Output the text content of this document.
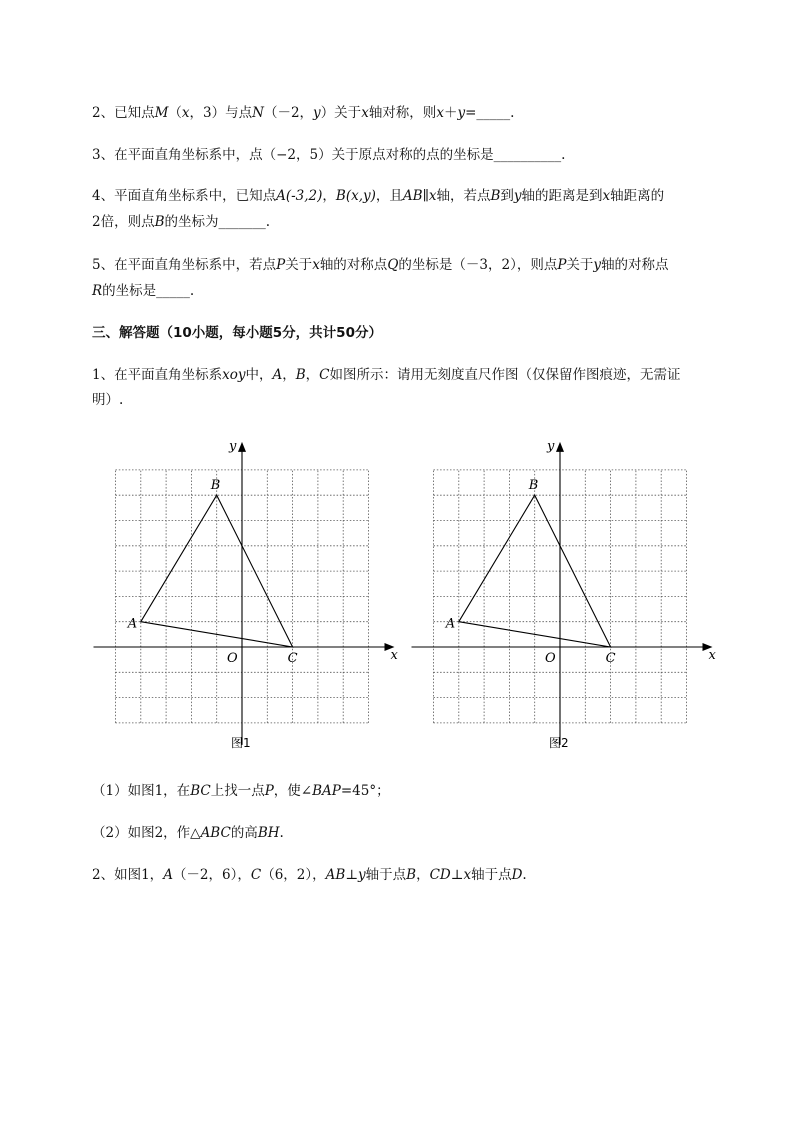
2、已知点M（x，3）与点N（－2，y）关于x轴对称，则x＋y=_____.
3、在平面直角坐标系中，点（−2，5）关于原点对称的点的坐标是__________.
4、平面直角坐标系中，已知点A(-3,2)，B(x,y)，且AB∥x轴，若点B到y轴的距离是到x轴距离的
2倍，则点B的坐标为_______.
5、在平面直角坐标系中，若点P关于x轴的对称点Q的坐标是（－3，2），则点P关于y轴的对称点
R的坐标是_____.
三、解答题（10小题，每小题5分，共计50分）
1、在平面直角坐标系xoy中，A，B，C如图所示：请用无刻度直尺作图（仅保留作图痕迹，无需证
明）.
A
B
C
O	x
y
图1
A
B
C
O	x
y
图2
（1）如图1，在BC上找一点P，使∠BAP=45°；
（2）如图2，作△ABC的高BH.
2、如图1，A（－2，6），C（6，2），AB⊥y轴于点B，CD⊥x轴于点D.
